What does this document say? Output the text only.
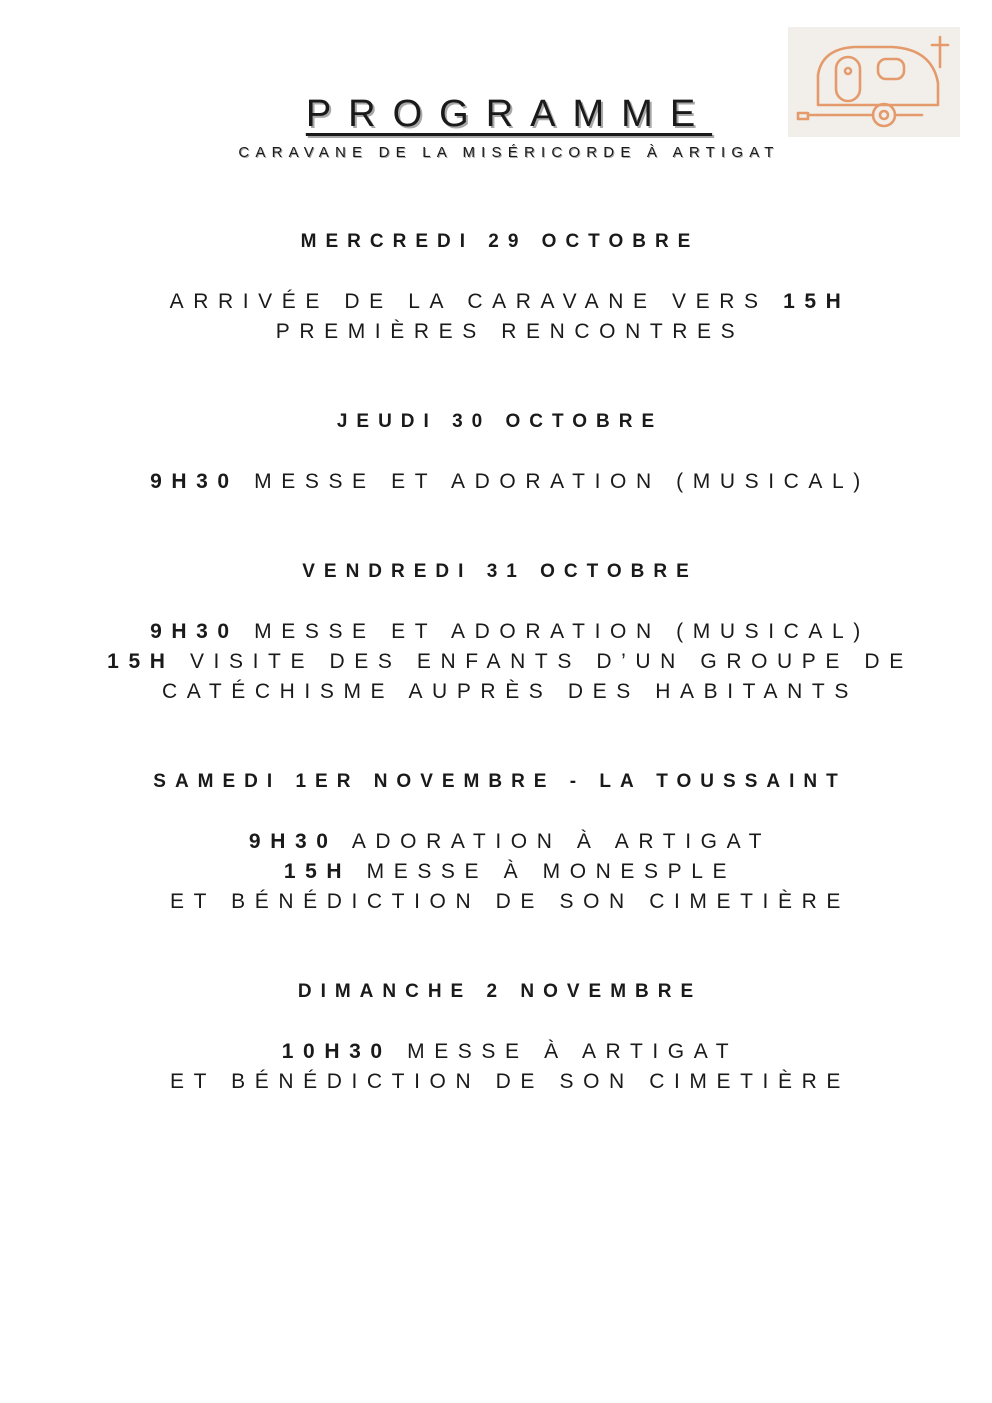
PROGRAMME
CARAVANE DE LA MISÉRICORDE À ARTIGAT
MERCREDI 29 OCTOBRE
ARRIVÉE DE LA CARAVANE VERS 15H
PREMIÈRES RENCONTRES
JEUDI 30 OCTOBRE
9H30 MESSE ET ADORATION (MUSICAL)
VENDREDI 31 OCTOBRE
9H30 MESSE ET ADORATION (MUSICAL)
15H VISITE DES ENFANTS D’UN GROUPE DE
CATÉCHISME AUPRÈS DES HABITANTS
SAMEDI 1ER NOVEMBRE - LA TOUSSAINT
9H30 ADORATION À ARTIGAT
15H MESSE À MONESPLE
ET BÉNÉDICTION DE SON CIMETIÈRE
DIMANCHE 2 NOVEMBRE
10H30 MESSE À ARTIGAT
ET BÉNÉDICTION DE SON CIMETIÈRE
